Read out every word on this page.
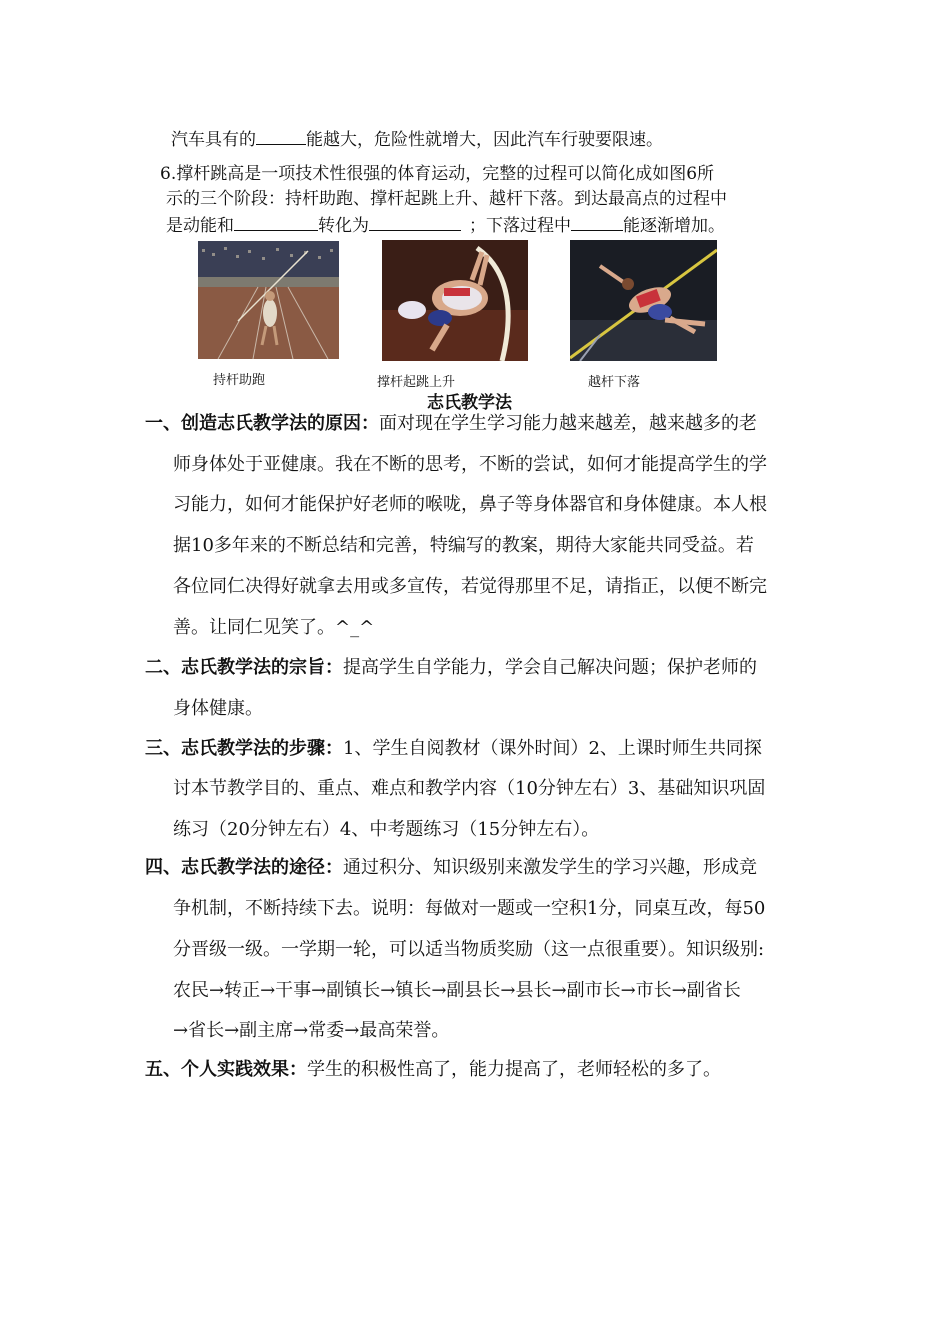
汽车具有的	能越大，危险性就增大，因此汽车行驶要限速。
6.撑杆跳高是一项技术性很强的体育运动，完整的过程可以简化成如图6所
示的三个阶段：持杆助跑、撑杆起跳上升、越杆下落。到达最高点的过程中
是动能和	转化为	；下落过程中	能逐渐增加。
持杆助跑	撑杆起跳上升	越杆下落
志氏教学法
一、创造志氏教学法的原因：面对现在学生学习能力越来越差，越来越多的老
师身体处于亚健康。我在不断的思考，不断的尝试，如何才能提高学生的学
习能力，如何才能保护好老师的喉咙，鼻子等身体器官和身体健康。本人根
据10多年来的不断总结和完善，特编写的教案，期待大家能共同受益。若
各位同仁决得好就拿去用或多宣传，若觉得那里不足，请指正，以便不断完
善。让同仁见笑了。^_^
二、志氏教学法的宗旨：提高学生自学能力，学会自己解决问题；保护老师的
身体健康。
三、志氏教学法的步骤：1、学生自阅教材（课外时间）2、上课时师生共同探
讨本节教学目的、重点、难点和教学内容（10分钟左右）3、基础知识巩固
练习（20分钟左右）4、中考题练习（15分钟左右）。
四、志氏教学法的途径：通过积分、知识级别来激发学生的学习兴趣，形成竞
争机制，不断持续下去。说明：每做对一题或一空积1分，同桌互改，每50
分晋级一级。一学期一轮，可以适当物质奖励（这一点很重要）。知识级别:
农民→转正→干事→副镇长→镇长→副县长→县长→副市长→市长→副省长
→省长→副主席→常委→最高荣誉。
五、个人实践效果：学生的积极性高了，能力提高了，老师轻松的多了。
